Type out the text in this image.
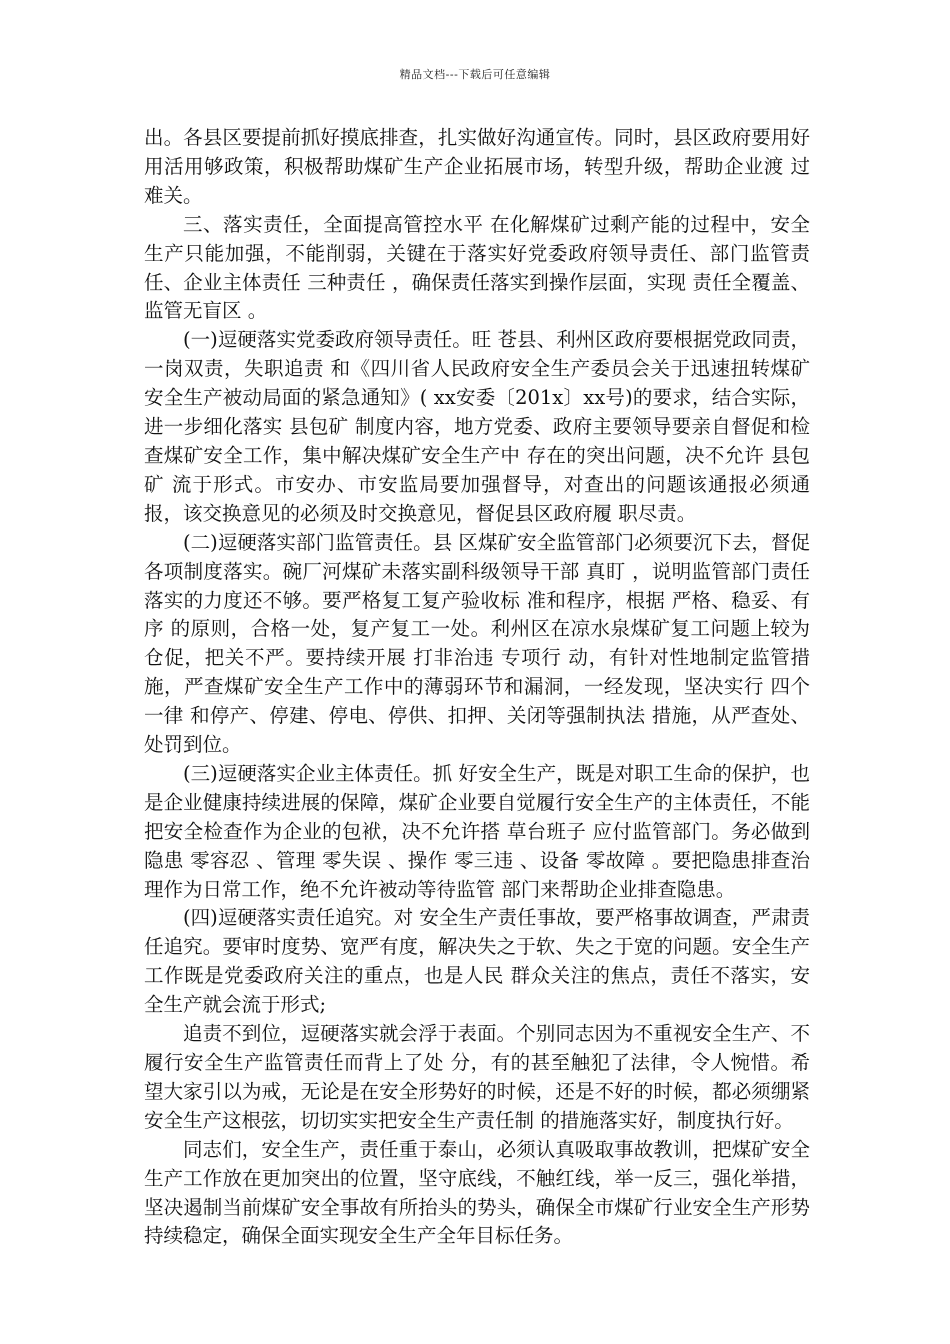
精品文档---下载后可任意编辑

出。各县区要提前抓好摸底排查，扎实做好沟通宣传。同时，县区政府要用好用活用够政策，积极帮助煤矿生产企业拓展市场，转型升级，帮助企业渡 过难关。

三、落实责任，全面提高管控水平 在化解煤矿过剩产能的过程中，安全生产只能加强，不能削弱，关键在于落实好党委政府领导责任、部门监管责任、企业主体责任 三种责任 ，确保责任落实到操作层面，实现 责任全覆盖、监管无盲区 。

(一)逗硬落实党委政府领导责任。旺 苍县、利州区政府要根据党政同责，一岗双责，失职追责 和《四川省人民政府安全生产委员会关于迅速扭转煤矿安全生产被动局面的紧急通知》( xx安委〔201x〕xx号)的要求，结合实际，进一步细化落实 县包矿 制度内容，地方党委、政府主要领导要亲自督促和检查煤矿安全工作，集中解决煤矿安全生产中 存在的突出问题，决不允许 县包矿 流于形式。市安办、市安监局要加强督导，对查出的问题该通报必须通报，该交换意见的必须及时交换意见，督促县区政府履 职尽责。

(二)逗硬落实部门监管责任。县 区煤矿安全监管部门必须要沉下去，督促各项制度落实。碗厂河煤矿未落实副科级领导干部 真盯 ，说明监管部门责任落实的力度还不够。要严格复工复产验收标 准和程序，根据 严格、稳妥、有序 的原则，合格一处，复产复工一处。利州区在凉水泉煤矿复工问题上较为仓促，把关不严。要持续开展 打非治违 专项行 动，有针对性地制定监管措施，严查煤矿安全生产工作中的薄弱环节和漏洞，一经发现，坚决实行 四个一律 和停产、停建、停电、停供、扣押、关闭等强制执法 措施，从严查处、处罚到位。

(三)逗硬落实企业主体责任。抓 好安全生产，既是对职工生命的保护，也是企业健康持续进展的保障，煤矿企业要自觉履行安全生产的主体责任，不能把安全检查作为企业的包袱，决不允许搭 草台班子 应付监管部门。务必做到隐患 零容忍 、管理 零失误 、操作 零三违 、设备 零故障 。要把隐患排查治理作为日常工作，绝不允许被动等待监管 部门来帮助企业排查隐患。

(四)逗硬落实责任追究。对 安全生产责任事故，要严格事故调查，严肃责任追究。要审时度势、宽严有度，解决失之于软、失之于宽的问题。安全生产工作既是党委政府关注的重点，也是人民 群众关注的焦点，责任不落实，安全生产就会流于形式;

追责不到位，逗硬落实就会浮于表面。个别同志因为不重视安全生产、不履行安全生产监管责任而背上了处 分，有的甚至触犯了法律，令人惋惜。希望大家引以为戒，无论是在安全形势好的时候，还是不好的时候，都必须绷紧安全生产这根弦，切切实实把安全生产责任制 的措施落实好，制度执行好。

同志们，安全生产，责任重于泰山，必须认真吸取事故教训，把煤矿安全生产工作放在更加突出的位置，坚守底线，不触红线，举一反三，强化举措，坚决遏制当前煤矿安全事故有所抬头的势头，确保全市煤矿行业安全生产形势持续稳定，确保全面实现安全生产全年目标任务。
